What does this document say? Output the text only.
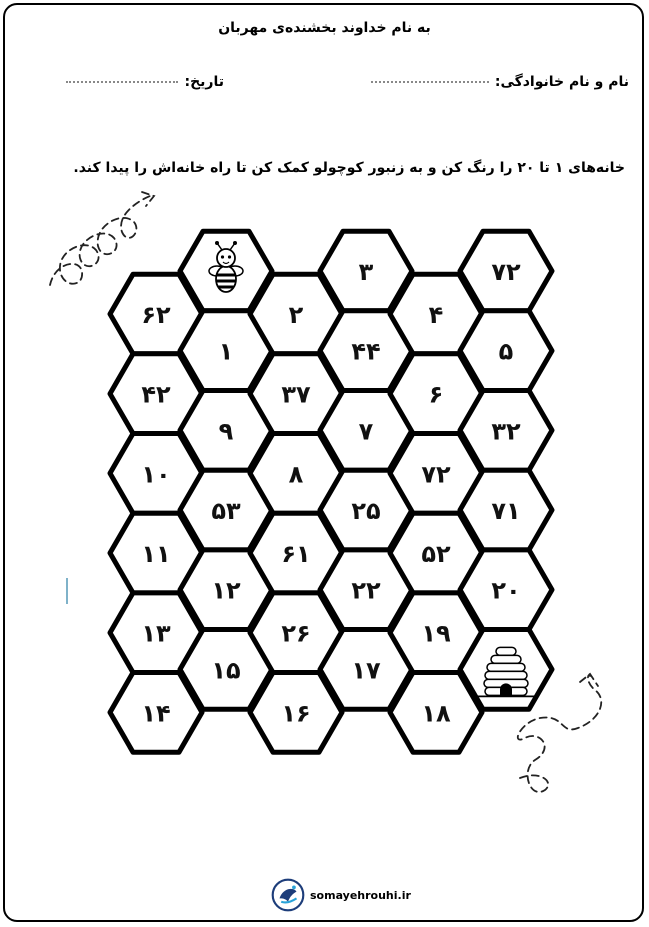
به نام خداوند بخشنده‌ی مهربان
نام و نام خانوادگی:
تاریخ:
خانه‌های ۱ تا ۲۰ را رنگ کن و به زنبور کوچولو کمک کن تا راه خانه‌اش را پیدا کند.
۶۲
۴۲
۱۰
۱۱
۱۳
۱۴
۱
۹
۵۳
۱۲
۱۵
۲
۳۷
۸
۶۱
۲۶
۱۶
۳
۴۴
۷
۲۵
۲۲
۱۷
۴
۶
۷۲
۵۲
۱۹
۱۸
۷۲
۵
۳۲
۷۱
۲۰
somayehrouhi.ir
